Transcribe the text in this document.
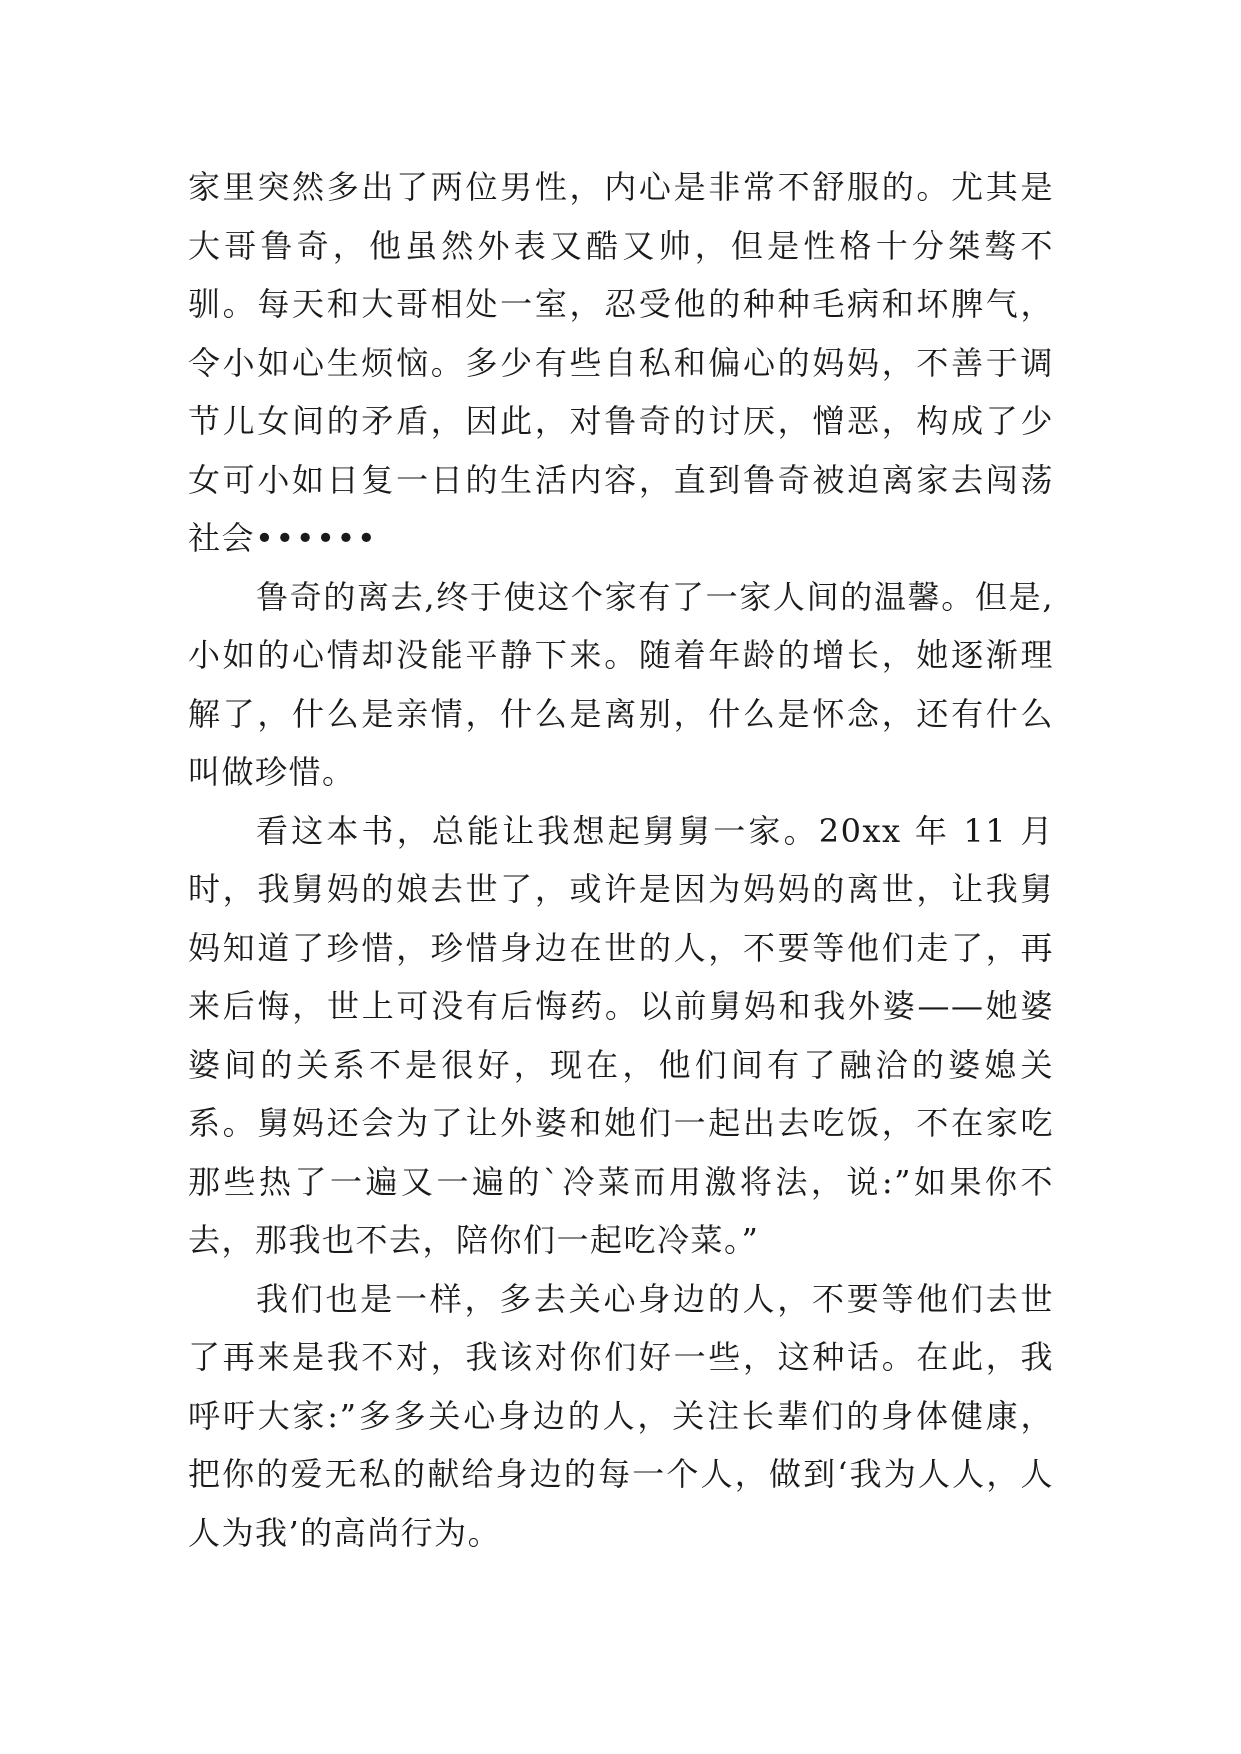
家里突然多出了两位男性，内心是非常不舒服的。尤其是大哥鲁奇，他虽然外表又酷又帅，但是性格十分桀骜不驯。每天和大哥相处一室，忍受他的种种毛病和坏脾气，令小如心生烦恼。多少有些自私和偏心的妈妈，不善于调节儿女间的矛盾，因此，对鲁奇的讨厌，憎恶，构成了少女可小如日复一日的生活内容，直到鲁奇被迫离家去闯荡社会••••••

鲁奇的离去,终于使这个家有了一家人间的温馨。但是,小如的心情却没能平静下来。随着年龄的增长，她逐渐理解了，什么是亲情，什么是离别，什么是怀念，还有什么叫做珍惜。

看这本书，总能让我想起舅舅一家。20xx 年 11 月时，我舅妈的娘去世了，或许是因为妈妈的离世，让我舅妈知道了珍惜，珍惜身边在世的人，不要等他们走了，再来后悔，世上可没有后悔药。以前舅妈和我外婆——她婆婆间的关系不是很好，现在，他们间有了融洽的婆媳关系。舅妈还会为了让外婆和她们一起出去吃饭，不在家吃那些热了一遍又一遍的`冷菜而用激将法，说:”如果你不去，那我也不去，陪你们一起吃冷菜。”

我们也是一样，多去关心身边的人，不要等他们去世了再来是我不对，我该对你们好一些，这种话。在此，我呼吁大家:”多多关心身边的人，关注长辈们的身体健康，把你的爱无私的献给身边的每一个人，做到‘我为人人，人人为我’的高尚行为。
